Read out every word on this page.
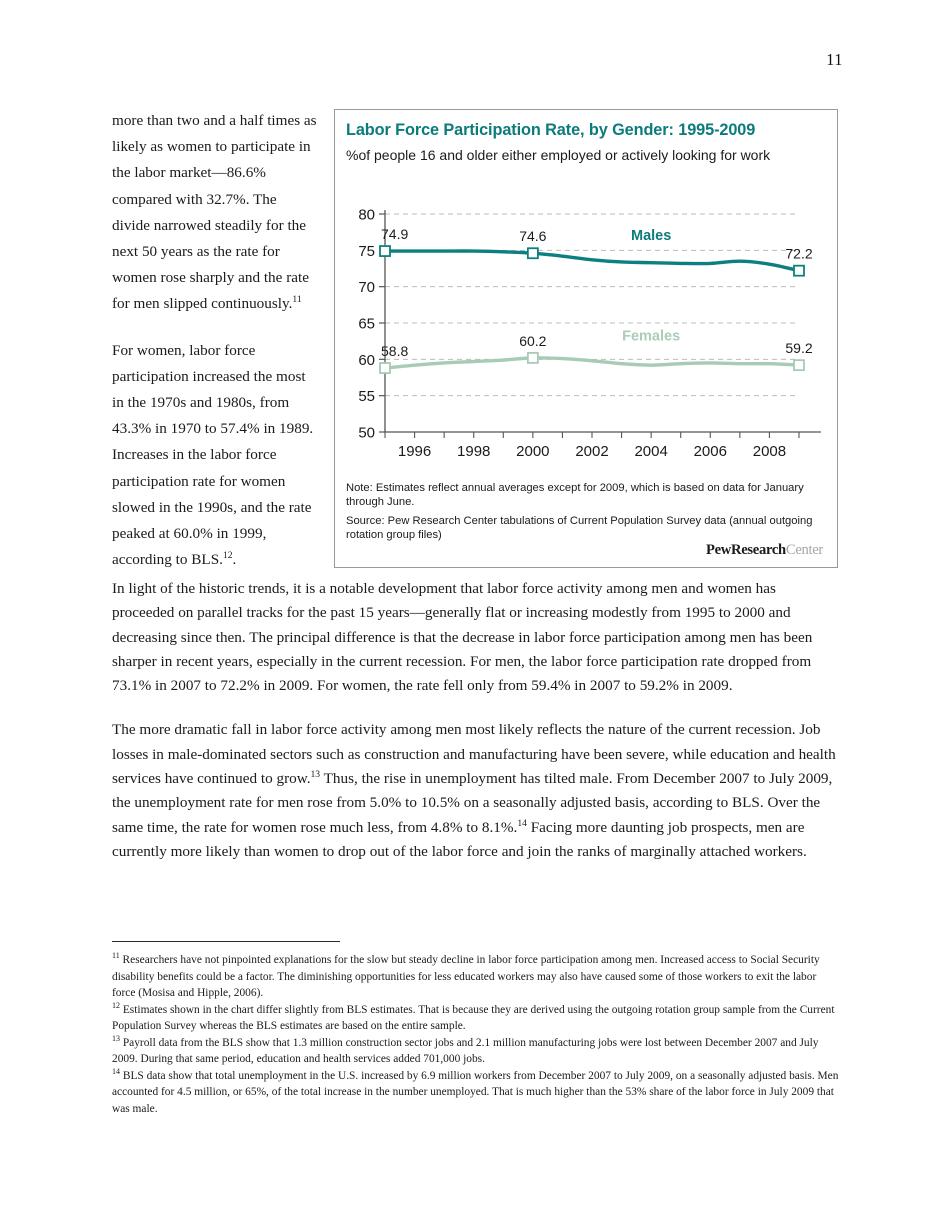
11

more than two and a half times as likely as women to participate in the labor market—86.6% compared with 32.7%. The divide narrowed steadily for the next 50 years as the rate for women rose sharply and the rate for men slipped continuously.$^{11}$

For women, labor force participation increased the most in the 1970s and 1980s, from 43.3% in 1970 to 57.4% in 1989. Increases in the labor force participation rate for women slowed in the 1990s, and the rate peaked at 60.0% in 1999, according to BLS.$^{12}$.

Labor Force Participation Rate, by Gender: 1995-2009
%of people 16 and older either employed or actively looking for work
50
55
60
65
70
75
80
1996 1998 2000 2002 2004 2006 2008
58.8
60.2	59.2
Females
74.9	74.6
72.2
Males
Note: Estimates reflect annual averages except for 2009, which is based on data for January through June.
Source: Pew Research Center tabulations of Current Population Survey data (annual outgoing rotation group files)
PewResearchCenter

In light of the historic trends, it is a notable development that labor force activity among men and women has proceeded on parallel tracks for the past 15 years—generally flat or increasing modestly from 1995 to 2000 and decreasing since then. The principal difference is that the decrease in labor force participation among men has been sharper in recent years, especially in the current recession. For men, the labor force participation rate dropped from 73.1% in 2007 to 72.2% in 2009. For women, the rate fell only from 59.4% in 2007 to 59.2% in 2009.

The more dramatic fall in labor force activity among men most likely reflects the nature of the current recession. Job losses in male-dominated sectors such as construction and manufacturing have been severe, while education and health services have continued to grow.$^{13}$ Thus, the rise in unemployment has tilted male. From December 2007 to July 2009, the unemployment rate for men rose from 5.0% to 10.5% on a seasonally adjusted basis, according to BLS. Over the same time, the rate for women rose much less, from 4.8% to 8.1%.$^{14}$ Facing more daunting job prospects, men are currently more likely than women to drop out of the labor force and join the ranks of marginally attached workers.

$^{11}$ Researchers have not pinpointed explanations for the slow but steady decline in labor force participation among men. Increased access to Social Security disability benefits could be a factor. The diminishing opportunities for less educated workers may also have caused some of those workers to exit the labor force (Mosisa and Hipple, 2006).

$^{12}$ Estimates shown in the chart differ slightly from BLS estimates. That is because they are derived using the outgoing rotation group sample from the Current Population Survey whereas the BLS estimates are based on the entire sample.

$^{13}$ Payroll data from the BLS show that 1.3 million construction sector jobs and 2.1 million manufacturing jobs were lost between December 2007 and July 2009. During that same period, education and health services added 701,000 jobs.

$^{14}$ BLS data show that total unemployment in the U.S. increased by 6.9 million workers from December 2007 to July 2009, on a seasonally adjusted basis. Men accounted for 4.5 million, or 65%, of the total increase in the number unemployed. That is much higher than the 53% share of the labor force in July 2009 that was male.
